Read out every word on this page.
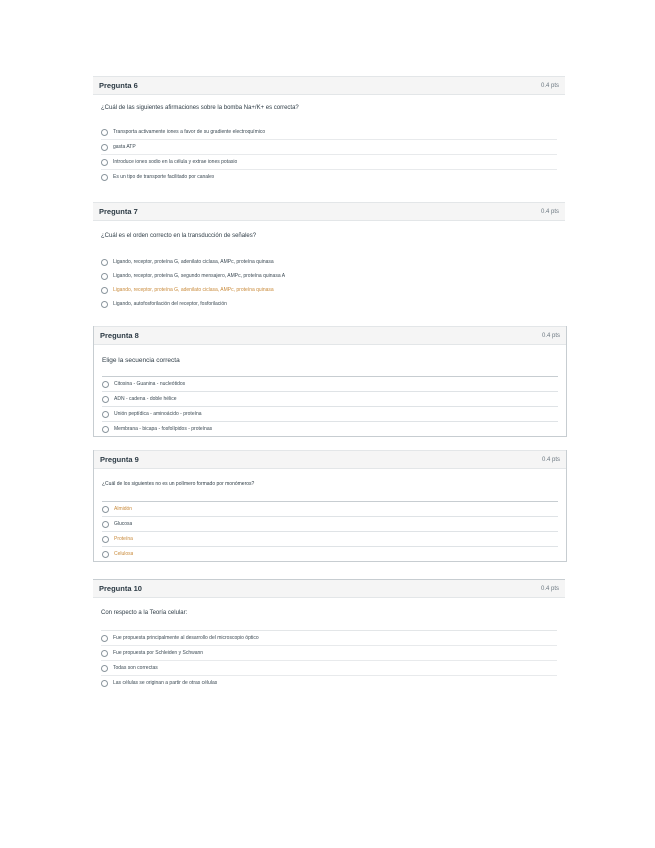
Pregunta 6	0.4 pts
¿Cuál de las siguientes afirmaciones sobre la bomba Na+/K+ es correcta?
Transporta activamente iones a favor de su gradiente electroquímico
gasta ATP
Introduce iones sodio en la célula y extrae iones potasio
Es un tipo de transporte facilitado por canales
Pregunta 7	0.4 pts
¿Cuál es el orden correcto en la transducción de señales?
Ligando, receptor, proteína G, adenilato ciclasa, AMPc, proteína quinasa
Ligando, receptor, proteína G, segundo mensajero, AMPc, proteína quinasa A
Ligando, receptor, proteína G, adenilato ciclasa, AMPc, proteína quinasa
Ligando, autofosforilación del receptor, fosforilación
Pregunta 8	0.4 pts
Elige la secuencia correcta
Citosina - Guanina - nucleótidos
ADN - cadena - doble hélice
Unión peptídica - aminoácido - proteína
Membrana - bicapa - fosfolípidos - proteínas
Pregunta 9	0.4 pts
¿Cuál de los siguientes no es un polímero formado por monómeros?
Almidón
Glucosa
Proteína
Celulosa
Pregunta 10	0.4 pts
Con respecto a la Teoría celular:
Fue propuesta principalmente al desarrollo del microscopio óptico
Fue propuesta por Schleiden y Schwann
Todas son correctas
Las células se originan a partir de otras células
